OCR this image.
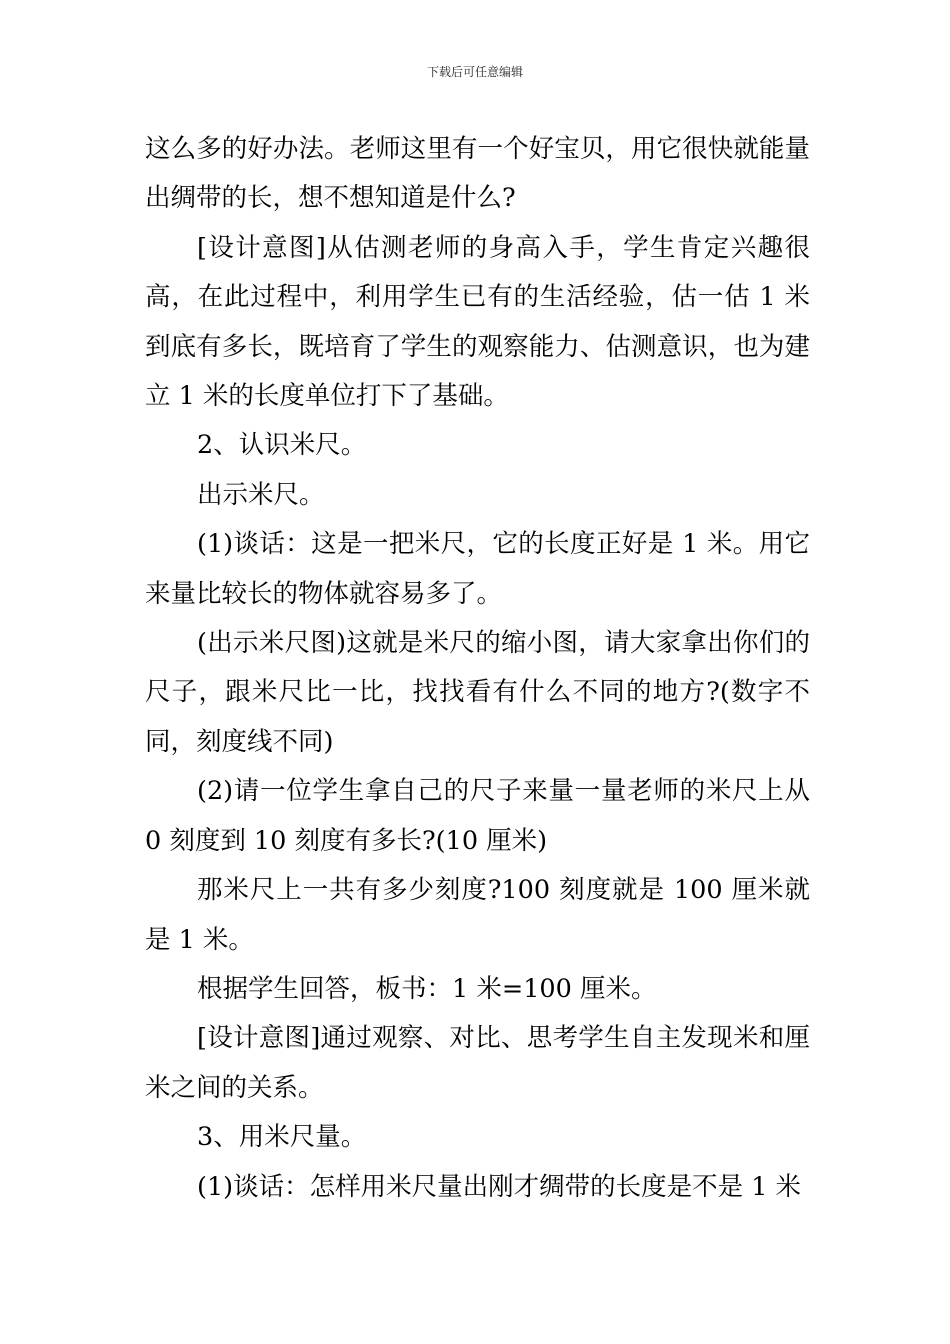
下载后可任意编辑

这么多的好办法。老师这里有一个好宝贝，用它很快就能量出绸带的长，想不想知道是什么?

[设计意图]从估测老师的身高入手，学生肯定兴趣很高，在此过程中，利用学生已有的生活经验，估一估 1 米到底有多长，既培育了学生的观察能力、估测意识，也为建立 1 米的长度单位打下了基础。

2、认识米尺。

出示米尺。

(1)谈话：这是一把米尺，它的长度正好是 1 米。用它来量比较长的物体就容易多了。

(出示米尺图)这就是米尺的缩小图，请大家拿出你们的尺子，跟米尺比一比，找找看有什么不同的地方?(数字不同，刻度线不同)

(2)请一位学生拿自己的尺子来量一量老师的米尺上从 0 刻度到 10 刻度有多长?(10 厘米)

那米尺上一共有多少刻度?100 刻度就是 100 厘米就是 1 米。

根据学生回答，板书：1 米=100 厘米。

[设计意图]通过观察、对比、思考学生自主发现米和厘米之间的关系。

3、用米尺量。

(1)谈话：怎样用米尺量出刚才绸带的长度是不是 1 米
